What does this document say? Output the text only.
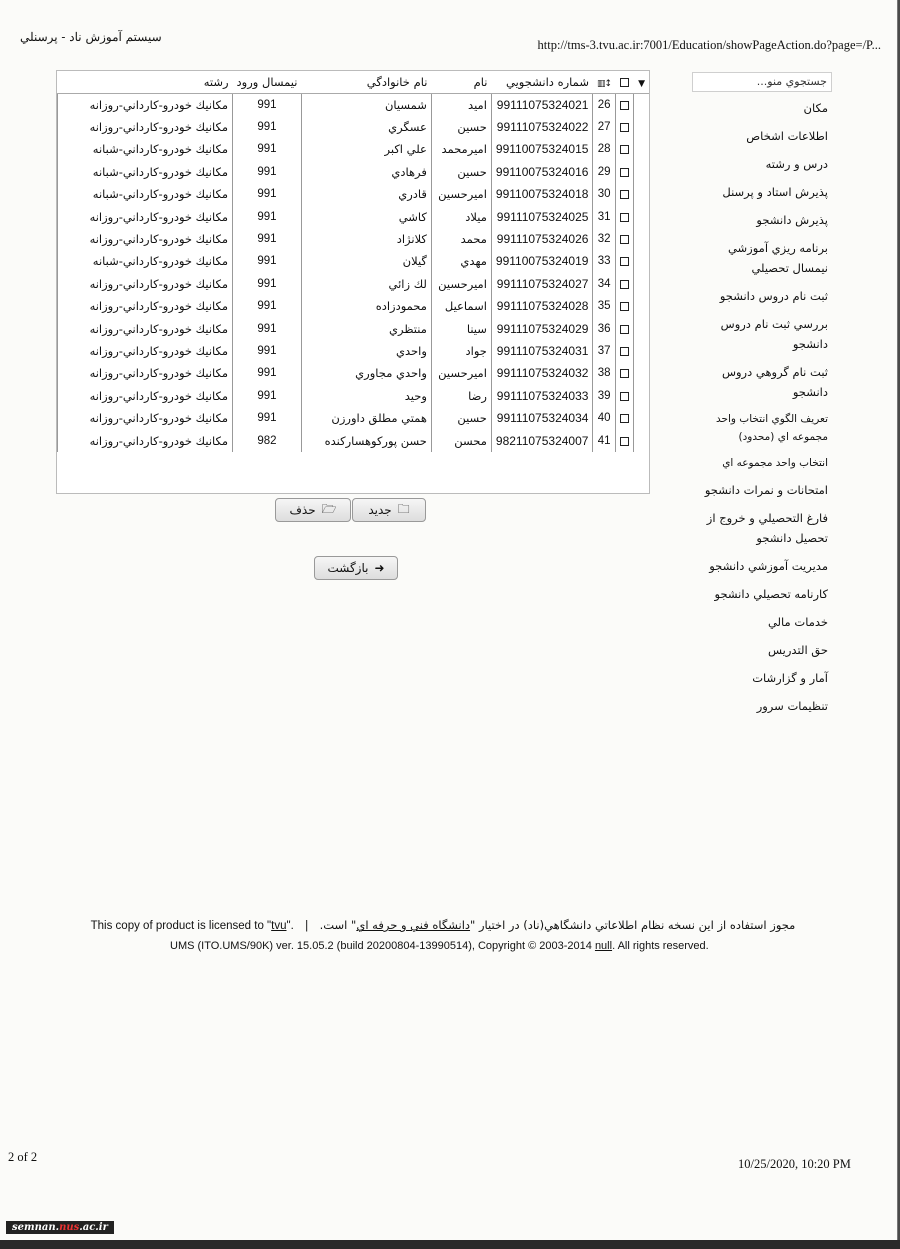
سيستم آموزش ناد - پرسنلي
http://tms-3.tvu.ac.ir:7001/Education/showPageAction.do?page=/P...
جستجوي منو...
مكان
اطلاعات اشخاص
درس و رشته
پذيرش استاد و پرسنل
پذيرش دانشجو
برنامه ريزي آموزشي نيمسال تحصيلي
ثبت نام دروس دانشجو
بررسي ثبت نام دروس دانشجو
ثبت نام گروهي دروس دانشجو
تعريف الگوي انتخاب واحد مجموعه اي (محدود)
انتخاب واحد مجموعه اي
امتحانات و نمرات دانشجو
فارغ التحصيلي و خروج از تحصيل دانشجو
مديريت آموزشي دانشجو
كارنامه تحصيلي دانشجو
خدمات مالي
حق التدريس
آمار و گزارشات
تنظيمات سرور
▼		↕▥	شماره دانشجويي	نام	نام خانوادگي	نيمسال ورود	رشته
		26	99111075324021	اميد	شمسيان	991	مكانيك خودرو-كارداني-روزانه
		27	99111075324022	حسين	عسگري	991	مكانيك خودرو-كارداني-روزانه
		28	99110075324015	اميرمحمد	علي اكبر	991	مكانيك خودرو-كارداني-شبانه
		29	99110075324016	حسين	فرهادي	991	مكانيك خودرو-كارداني-شبانه
		30	99110075324018	اميرحسين	قادري	991	مكانيك خودرو-كارداني-شبانه
		31	99111075324025	ميلاد	كاشي	991	مكانيك خودرو-كارداني-روزانه
		32	99111075324026	محمد	كلانژاد	991	مكانيك خودرو-كارداني-روزانه
		33	99110075324019	مهدي	گيلان	991	مكانيك خودرو-كارداني-شبانه
		34	99111075324027	اميرحسين	لك زائي	991	مكانيك خودرو-كارداني-روزانه
		35	99111075324028	اسماعيل	محمودزاده	991	مكانيك خودرو-كارداني-روزانه
		36	99111075324029	سينا	منتظري	991	مكانيك خودرو-كارداني-روزانه
		37	99111075324031	جواد	واحدي	991	مكانيك خودرو-كارداني-روزانه
		38	99111075324032	اميرحسين	واحدي مجاوري	991	مكانيك خودرو-كارداني-روزانه
		39	99111075324033	رضا	وحيد	991	مكانيك خودرو-كارداني-روزانه
		40	99111075324034	حسين	همتي مطلق داورزن	991	مكانيك خودرو-كارداني-روزانه
		41	98211075324007	محسن	حسن پوركوهسارکنده	982	مكانيك خودرو-كارداني-روزانه
🗀
جديد
🗁
حذف
➜
بازگشت
مجوز استفاده از اين نسخه نظام اطلاعاتي دانشگاهي(ناد) در اختيار "دانشگاه فني و حرفه اي" است.   |   This copy of product is licensed to "tvu".
UMS (ITO.UMS/90K) ver. 15.05.2 (build 20200804-13990514), Copyright © 2003-2014 null. All rights reserved.
2 of 2	10/25/2020, 10:20 PM
semnan.nus.ac.ir
